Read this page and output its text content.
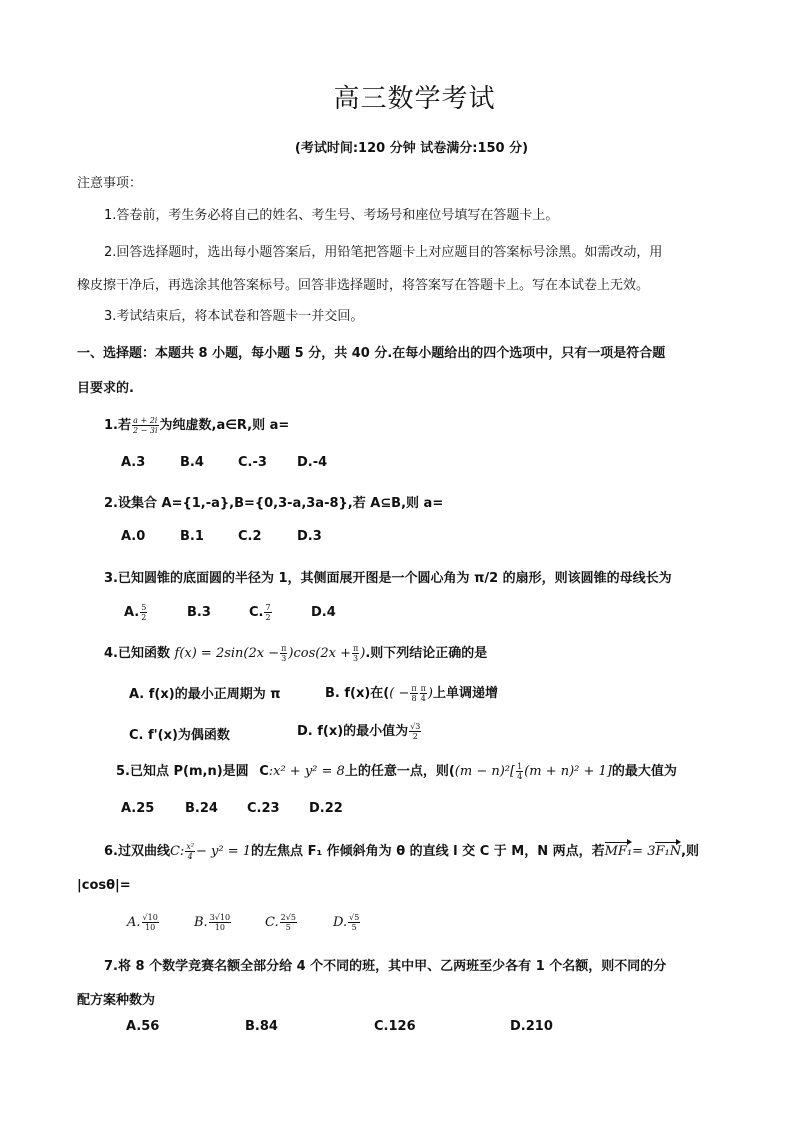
高三数学考试
(考试时间:120 分钟 试卷满分:150 分)
注意事项：
1.答卷前，考生务必将自己的姓名、考生号、考场号和座位号填写在答题卡上。
2.回答选择题时，选出每小题答案后，用铅笔把答题卡上对应题目的答案标号涂黑。如需改动，用
橡皮擦干净后，再选涂其他答案标号。回答非选择题时，将答案写在答题卡上。写在本试卷上无效。
3.考试结束后，将本试卷和答题卡一并交回。
一、选择题：本题共 8 小题，每小题 5 分，共 40 分.在每小题给出的四个选项中，只有一项是符合题
目要求的.
1.若 $\frac{a + 2i}{2 - 3i}$ 为纯虚数,a∈R,则 a=
A.3	B.4	C.-3 D.-4
2.设集合 A={1,-a},B={0,3-a,3a-8},若 A⊆B,则 a=
A.0	B.1	C.2	D.3
3.已知圆锥的底面圆的半径为 1，其侧面展开图是一个圆心角为 π/2 的扇形，则该圆锥的母线长为
A. $\frac{5}{2}$	B.3	C. $\frac{7}{2}$	D.4
4.已知函数 $f(x) = 2\sin(2x - \frac{\pi}{3} )\cos(2x + \frac{\pi}{3}$ ).则下列结论正确的是
A. f(x)的最小正周期为 π	B. f(x)在(( − $\frac{\pi}{8} \frac{\pi}{4}$ )上单调递增
C. f'(x)为偶函数	D. f(x)的最小值为 $\frac{√3}{2}$
5.已知点 P(m,n)是圆 C:x² + y² = 8上的任意一点，则($(m - n)^2[ \frac{1}{4} (m + n)^2 + 1]$的最大值为
A.25 B.24 C.23 D.22
6.过双曲线C: $\frac{\text{x²}}{4} - y^2 = 1$的左焦点 F₁ 作倾斜角为 θ 的直线 l 交 C 于 M，N 两点，若MF₁= 3F₁N,则
|cosθ|=
A. $\frac{√10}{10}$	B. $\frac{3√10}{10}$	C. $\frac{2√5}{5}$	D. $\frac{√5}{5}$
7.将 8 个数学竞赛名额全部分给 4 个不同的班，其中甲、乙两班至少各有 1 个名额，则不同的分
配方案种数为
A.56	B.84	C.126	D.210
